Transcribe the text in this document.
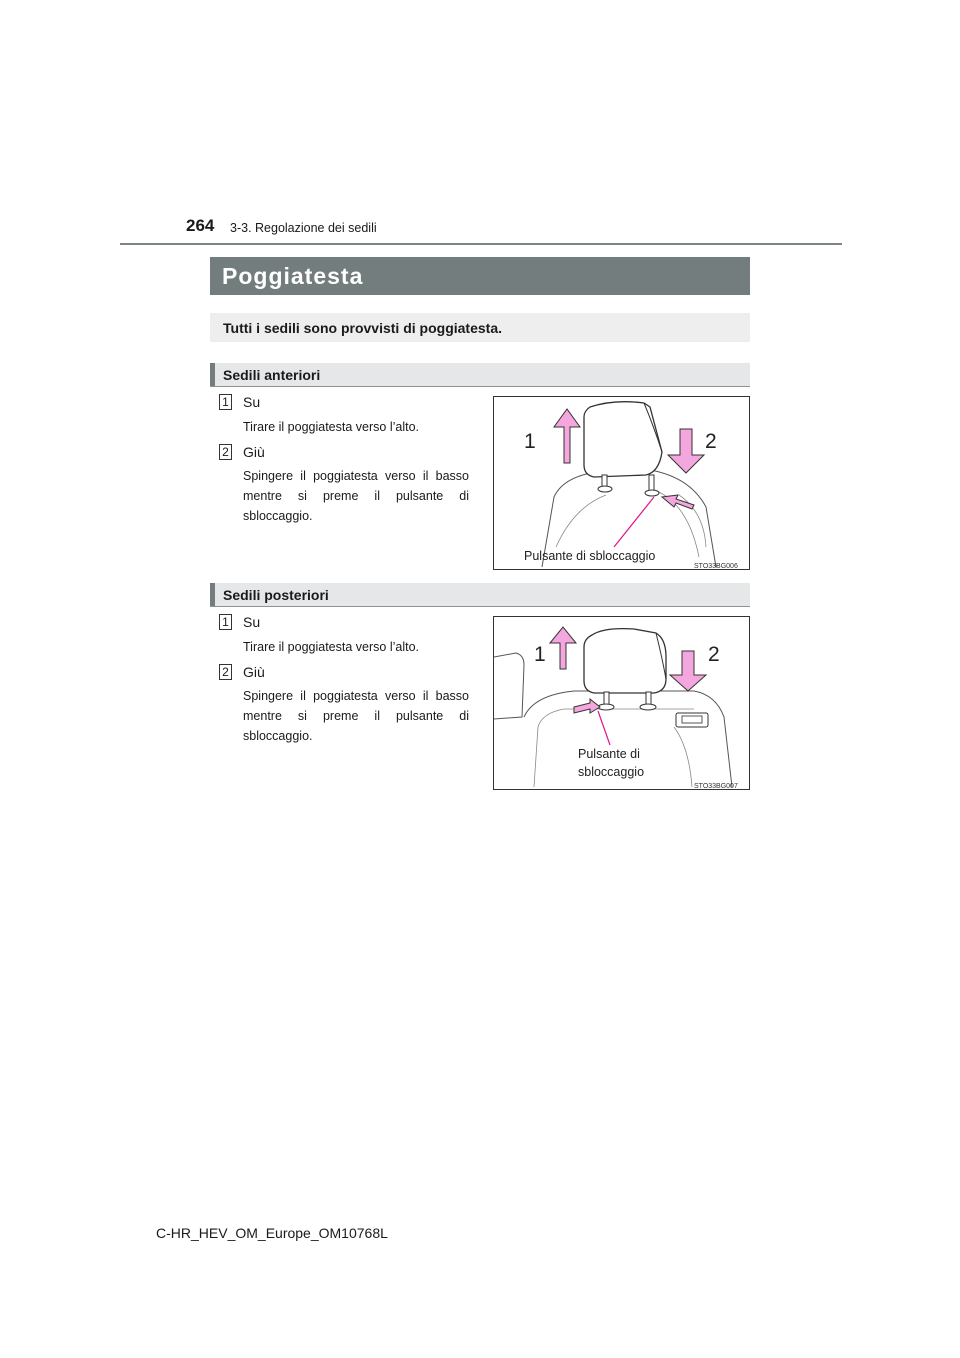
264 3-3. Regolazione dei sedili
Poggiatesta
Tutti i sedili sono provvisti di poggiatesta.
Sedili anteriori
1 Su
Tirare il poggiatesta verso l’alto.
2 Giù
Spingere il poggiatesta verso il basso mentre si preme il pulsante di sbloccaggio.
1	2
Pulsante di sbloccaggio
STO33BG006
Sedili posteriori
1 Su
Tirare il poggiatesta verso l’alto.
2 Giù
Spingere il poggiatesta verso il basso mentre si preme il pulsante di sbloccaggio.
1	2
Pulsante di
sbloccaggio
STO33BG007
C-HR_HEV_OM_Europe_OM10768L
